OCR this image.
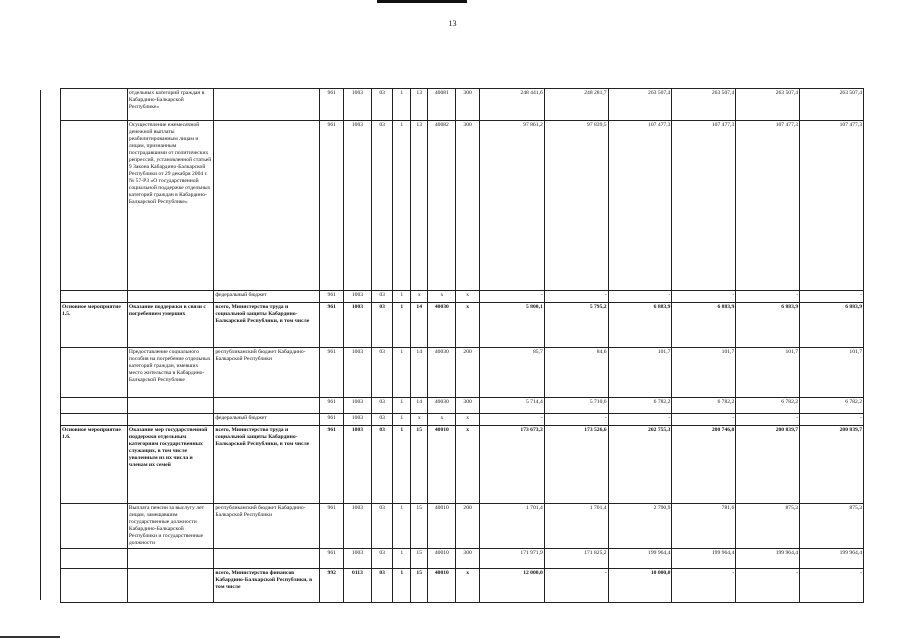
13
	отдельных категорий граждан в Кабардино-Балкарской Республике»		961	1003	03	1	13	40081	300	248 441,6	248 281,7	263 507,4	263 507,4	263 507,4	263 507,4
	Осуществление ежемесячной денежной выплаты реабилитированным лицам и лицам, признанным пострадавшими от политических репрессий, установленной статьей 9 Закона Кабардино-Балкарской Республики от 29 декабря 2004 г. № 57-РЗ «О государственной социальной поддержке отдельных категорий граждан в Кабардино-Балкарской Республике»		961	1003	03	1	13	40082	300	97 861,2	97 839,5	107 477,3	107 477,3	107 477,3	107 477,3
		федеральный бюджет	961	1003	03	1	х	х	х	-	-	-	-	-	-
Основное мероприятие 1.5.	Оказание поддержки в связи с погребением умерших	всего, Министерство труда и социальной защиты Кабардино-Балкарской Республики, в том числе	961	1003	03	1	14	40030	х	5 800,1	5 795,2	6 883,9	6 883,9	6 883,9	6 883,9
	Предоставление социального пособия на погребение отдельных категорий граждан, имевших место жительства в Кабардино-Балкарской Республике	республиканский бюджет Кабардино-Балкарской Республики	961	1003	03	1	14	40030	200	85,7	84,6	101,7	101,7	101,7	101,7
			961	1003	03	1	14	40030	300	5 714,4	5 710,6	6 782,2	6 782,2	6 782,2	6 782,2
		федеральный бюджет	961	1003	03	1	х	х	х	-	-	-	-	-	-
Основное мероприятие 1.6.	Оказание мер государственной поддержки отдельным категориям государственных служащих, в том числе уволенным из их числа и членам их семей	всего, Министерство труда и социальной защиты Кабардино-Балкарской Республики, в том числе	961	1003	03	1	15	40010	х	173 673,3	173 526,6	202 755,3	200 746,0	200 839,7	200 839,7
	Выплата пенсии за выслугу лет лицам, замещавшим государственные должности Кабардино-Балкарской Республики и государственные должности	республиканский бюджет Кабардино-Балкарской Республики	961	1003	03	1	15	40010	200	1 701,4	1 701,4	2 790,9	781,6	875,3	875,3
			961	1003	03	1	15	40010	300	171 971,9	171 825,2	199 964,4	199 964,4	199 964,4	199 964,4
		всего, Министерство финансов Кабардино-Балкарской Республики, в том числе	992	0113	03	1	15	40010	х	12 000,0	-	10 000,0	-	-	-
